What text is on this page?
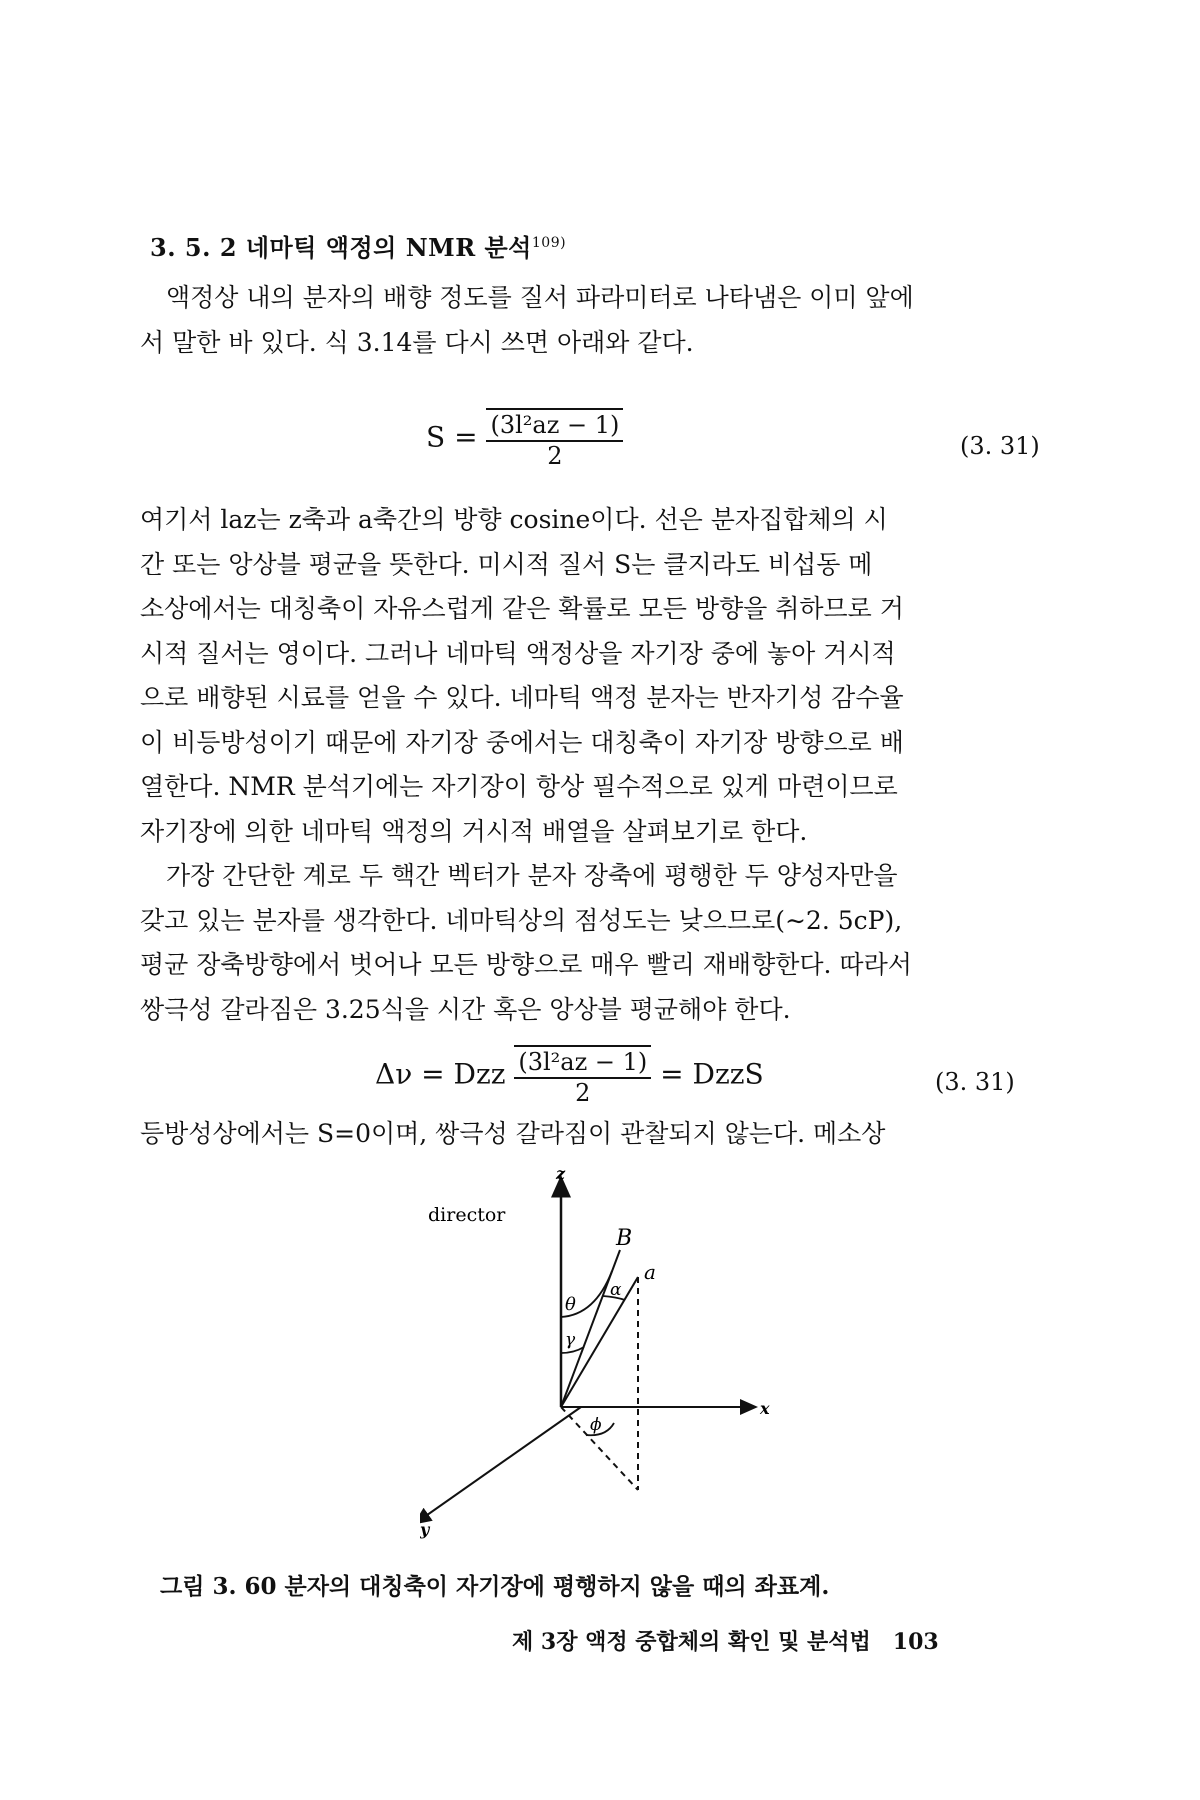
3. 5. 2 네마틱 액정의 NMR 분석$^{109)}$
액정상 내의 분자의 배향 정도를 질서 파라미터로 나타냄은 이미 앞에
서 말한 바 있다. 식 3.14를 다시 쓰면 아래와 같다.
$S = \frac{\text{(3l²az − 1)}}{2}$	(3. 31)
여기서 laz는 z축과 a축간의 방향 cosine이다. 선은 분자집합체의 시
간 또는 앙상블 평균을 뜻한다. 미시적 질서 S는 클지라도 비섭동 메
소상에서는 대칭축이 자유스럽게 같은 확률로 모든 방향을 취하므로 거
시적 질서는 영이다. 그러나 네마틱 액정상을 자기장 중에 놓아 거시적
으로 배향된 시료를 얻을 수 있다. 네마틱 액정 분자는 반자기성 감수율
이 비등방성이기 때문에 자기장 중에서는 대칭축이 자기장 방향으로 배
열한다. NMR 분석기에는 자기장이 항상 필수적으로 있게 마련이므로
자기장에 의한 네마틱 액정의 거시적 배열을 살펴보기로 한다.
가장 간단한 계로 두 핵간 벡터가 분자 장축에 평행한 두 양성자만을
갖고 있는 분자를 생각한다. 네마틱상의 점성도는 낮으므로(∼2. 5cP),
평균 장축방향에서 벗어나 모든 방향으로 매우 빨리 재배향한다. 따라서
쌍극성 갈라짐은 3.25식을 시간 혹은 앙상블 평균해야 한다.
Δν = Dzz $\frac{\text{(3l²az − 1)}}{2}$ = DzzS	(3. 31)
등방성상에서는 S=0이며, 쌍극성 갈라짐이 관찰되지 않는다. 메소상
director
z
x
y
B
a
α
θ
γ
ϕ
그림 3. 60 분자의 대칭축이 자기장에 평행하지 않을 때의 좌표계.
제 3장 액정 중합체의 확인 및 분석법 103
